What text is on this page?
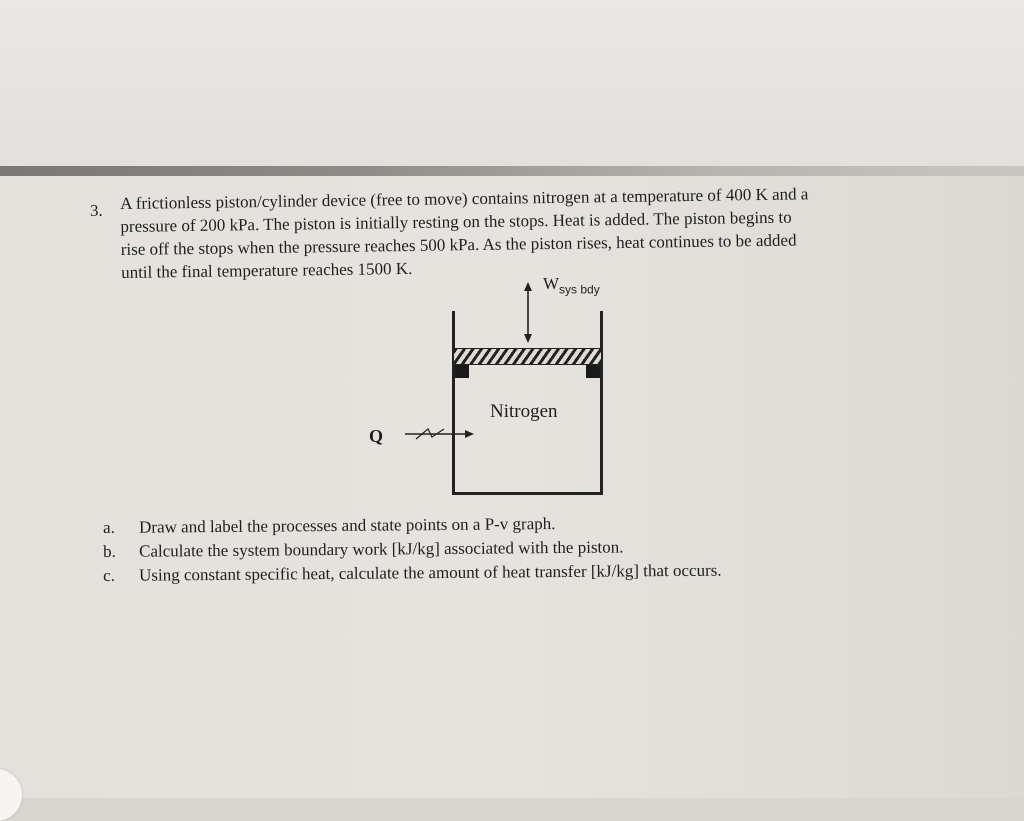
3. A frictionless piston/cylinder device (free to move) contains nitrogen at a temperature of 400 K and a
pressure of 200 kPa. The piston is initially resting on the stops. Heat is added. The piston begins to
rise off the stops when the pressure reaches 500 kPa. As the piston rises, heat continues to be added
until the final temperature reaches 1500 K.
$W_{sys bdy}$
Nitrogen
Q
a. Draw and label the processes and state points on a P-v graph.
b. Calculate the system boundary work [kJ/kg] associated with the piston.
c. Using constant specific heat, calculate the amount of heat transfer [kJ/kg] that occurs.
